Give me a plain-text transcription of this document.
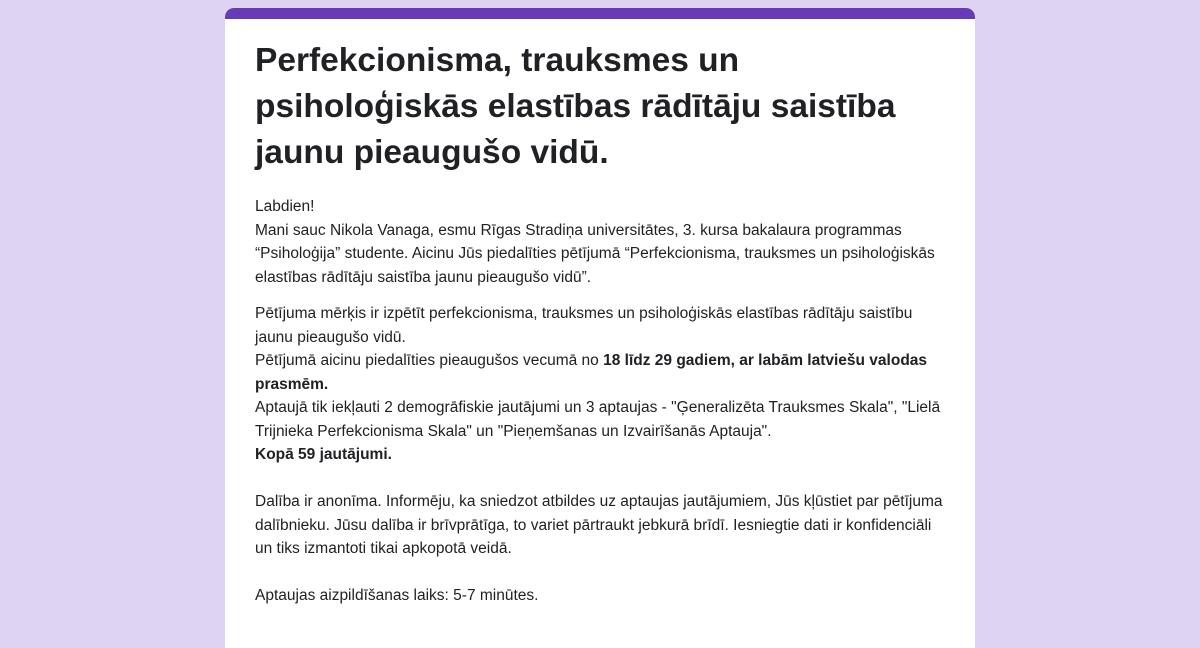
Perfekcionisma, trauksmes un psiholoģiskās elastības rādītāju saistība jaunu pieaugušo vidū.

Labdien!

Mani sauc Nikola Vanaga, esmu Rīgas Stradiņa universitātes, 3. kursa bakalaura programmas “Psiholoģija” studente. Aicinu Jūs piedalīties pētījumā “Perfekcionisma, trauksmes un psiholoģiskās elastības rādītāju saistība jaunu pieaugušo vidū”.

Pētījuma mērķis ir izpētīt perfekcionisma, trauksmes un psiholoģiskās elastības rādītāju saistību jaunu pieaugušo vidū.

Pētījumā aicinu piedalīties pieaugušos vecumā no 18 līdz 29 gadiem, ar labām latviešu valodas prasmēm.

Aptaujā tik iekļauti 2 demogrāfiskie jautājumi un 3 aptaujas - "Ģeneralizēta Trauksmes Skala", "Lielā Trijnieka Perfekcionisma Skala" un "Pieņemšanas un Izvairīšanās Aptauja".

Kopā 59 jautājumi.

Dalība ir anonīma. Informēju, ka sniedzot atbildes uz aptaujas jautājumiem, Jūs kļūstiet par pētījuma dalībnieku. Jūsu dalība ir brīvprātīga, to variet pārtraukt jebkurā brīdī. Iesniegtie dati ir konfidenciāli un tiks izmantoti tikai apkopotā veidā.

Aptaujas aizpildīšanas laiks: 5-7 minūtes.
